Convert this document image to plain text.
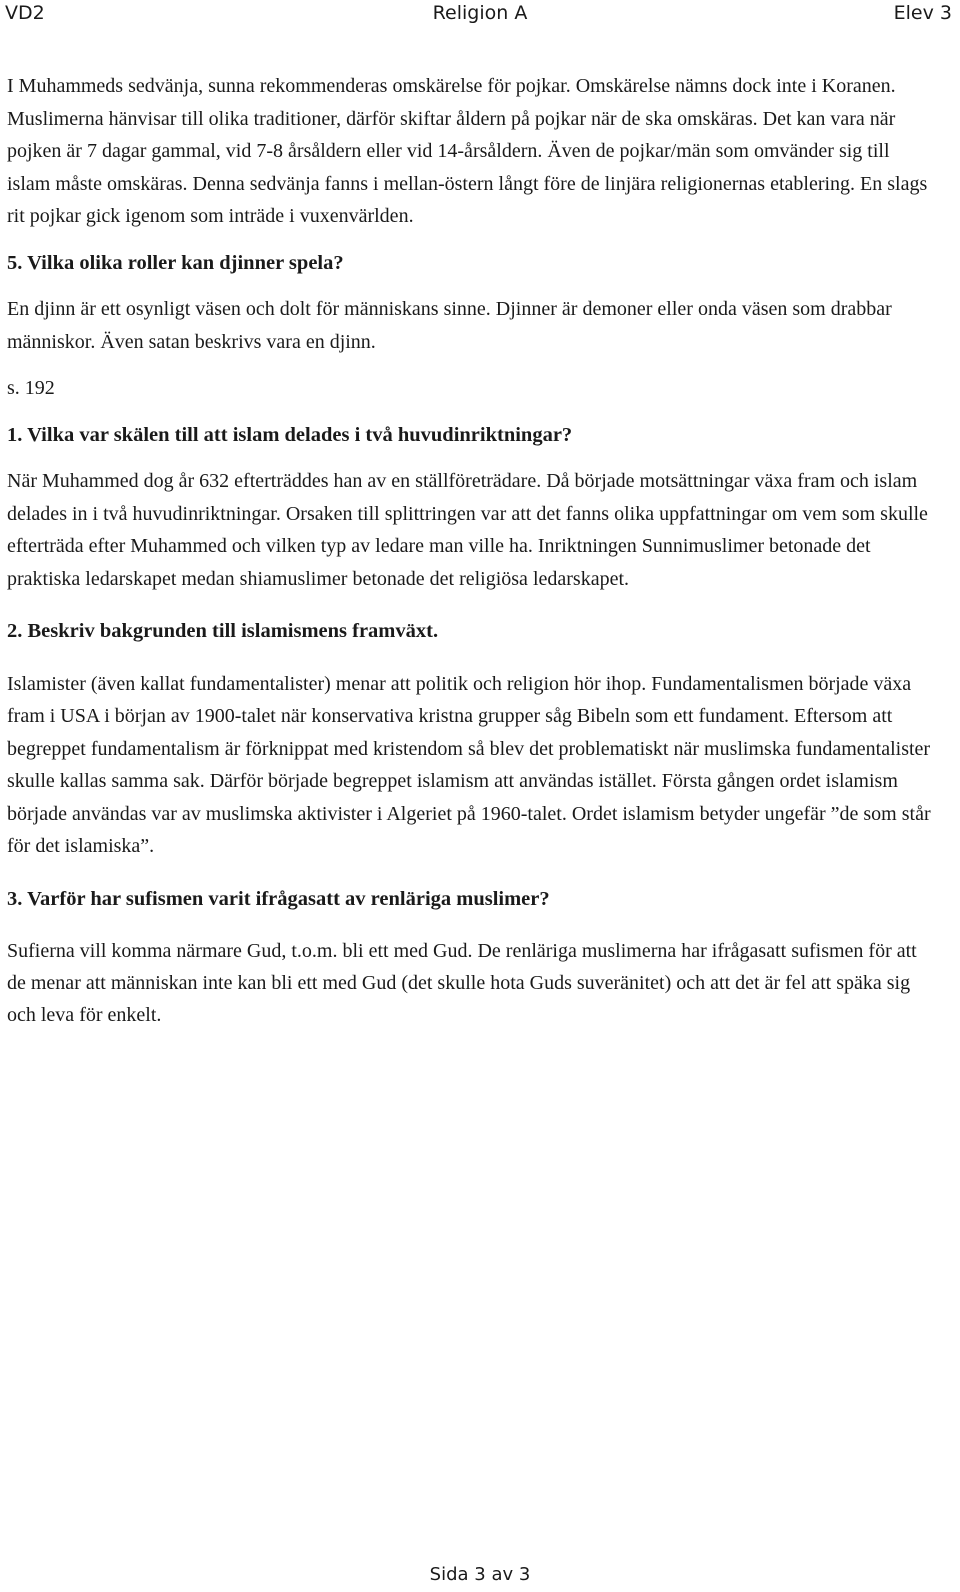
VD2	Religion A	Elev 3

I Muhammeds sedvänja, sunna rekommenderas omskärelse för pojkar. Omskärelse nämns dock inte i Koranen. Muslimerna hänvisar till olika traditioner, därför skiftar åldern på pojkar när de ska omskäras. Det kan vara när pojken är 7 dagar gammal, vid 7-8 årsåldern eller vid 14-årsåldern. Även de pojkar/män som omvänder sig till islam måste omskäras. Denna sedvänja fanns i mellan-östern långt före de linjära religionernas etablering. En slags rit pojkar gick igenom som inträde i vuxenvärlden.

5. Vilka olika roller kan djinner spela?

En djinn är ett osynligt väsen och dolt för människans sinne. Djinner är demoner eller onda väsen som drabbar människor. Även satan beskrivs vara en djinn.

s. 192

1. Vilka var skälen till att islam delades i två huvudinriktningar?

När Muhammed dog år 632 efterträddes han av en ställföreträdare. Då började motsättningar växa fram och islam delades in i två huvudinriktningar. Orsaken till splittringen var att det fanns olika uppfattningar om vem som skulle efterträda efter Muhammed och vilken typ av ledare man ville ha. Inriktningen Sunnimuslimer betonade det praktiska ledarskapet medan shiamuslimer betonade det religiösa ledarskapet.

2. Beskriv bakgrunden till islamismens framväxt.

Islamister (även kallat fundamentalister) menar att politik och religion hör ihop. Fundamentalismen började växa fram i USA i början av 1900-talet när konservativa kristna grupper såg Bibeln som ett fundament. Eftersom att begreppet fundamentalism är förknippat med kristendom så blev det problematiskt när muslimska fundamentalister skulle kallas samma sak. Därför började begreppet islamism att användas istället. Första gången ordet islamism började användas var av muslimska aktivister i Algeriet på 1960-talet. Ordet islamism betyder ungefär ”de som står för det islamiska”.

3. Varför har sufismen varit ifrågasatt av renläriga muslimer?

Sufierna vill komma närmare Gud, t.o.m. bli ett med Gud. De renläriga muslimerna har ifrågasatt sufismen för att de menar att människan inte kan bli ett med Gud (det skulle hota Guds suveränitet) och att det är fel att späka sig och leva för enkelt.

Sida 3 av 3
